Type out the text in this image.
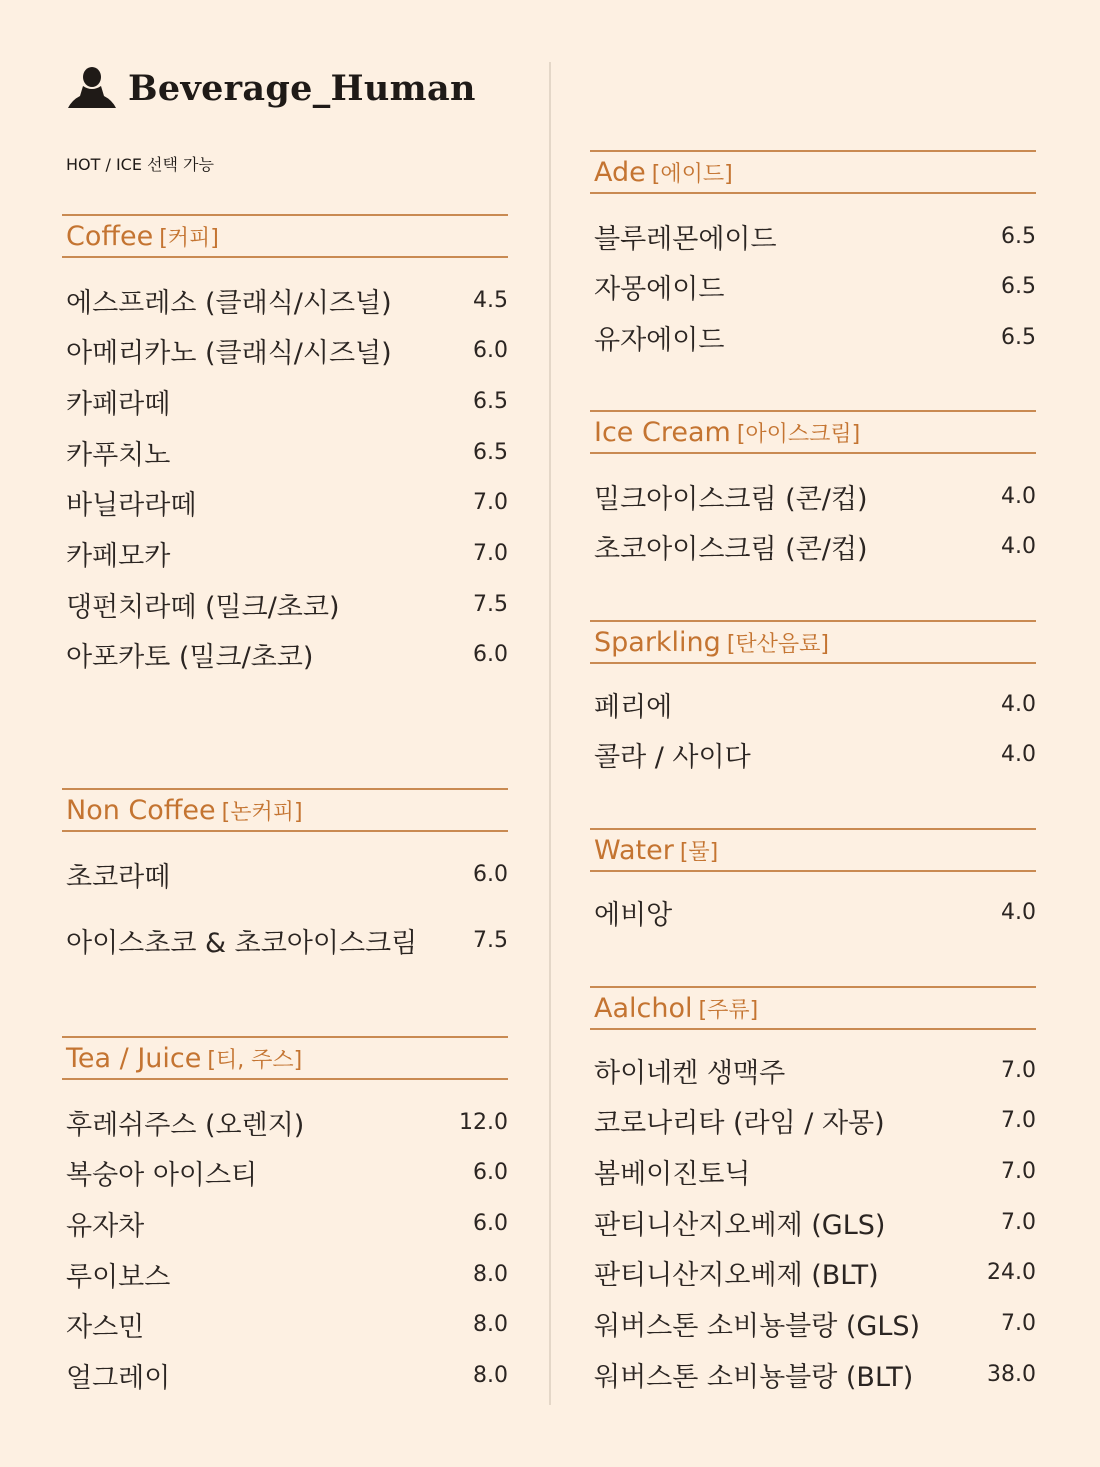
Beverage_Human
HOT / ICE 선택 가능
Coffee [커피]
에스프레소 (클래식/시즈널)	4.5
아메리카노 (클래식/시즈널)	6.0
카페라떼	6.5
카푸치노	6.5
바닐라라떼	7.0
카페모카	7.0
댕펀치라떼 (밀크/초코)	7.5
아포카토 (밀크/초코)	6.0
Non Coffee [논커피]
초코라떼	6.0
아이스초코 & 초코아이스크림	7.5
Tea / Juice [티, 주스]
후레쉬주스 (오렌지)	12.0
복숭아 아이스티	6.0
유자차	6.0
루이보스	8.0
자스민	8.0
얼그레이	8.0
Ade [에이드]
블루레몬에이드	6.5
자몽에이드	6.5
유자에이드	6.5
Ice Cream [아이스크림]
밀크아이스크림 (콘/컵)	4.0
초코아이스크림 (콘/컵)	4.0
Sparkling [탄산음료]
페리에	4.0
콜라 / 사이다	4.0
Water [물]
에비앙	4.0
Aalchol [주류]
하이네켄 생맥주	7.0
코로나리타 (라임 / 자몽)	7.0
봄베이진토닉	7.0
판티니산지오베제 (GLS)	7.0
판티니산지오베제 (BLT)	24.0
워버스톤 소비뇽블랑 (GLS)	7.0
워버스톤 소비뇽블랑 (BLT)	38.0
